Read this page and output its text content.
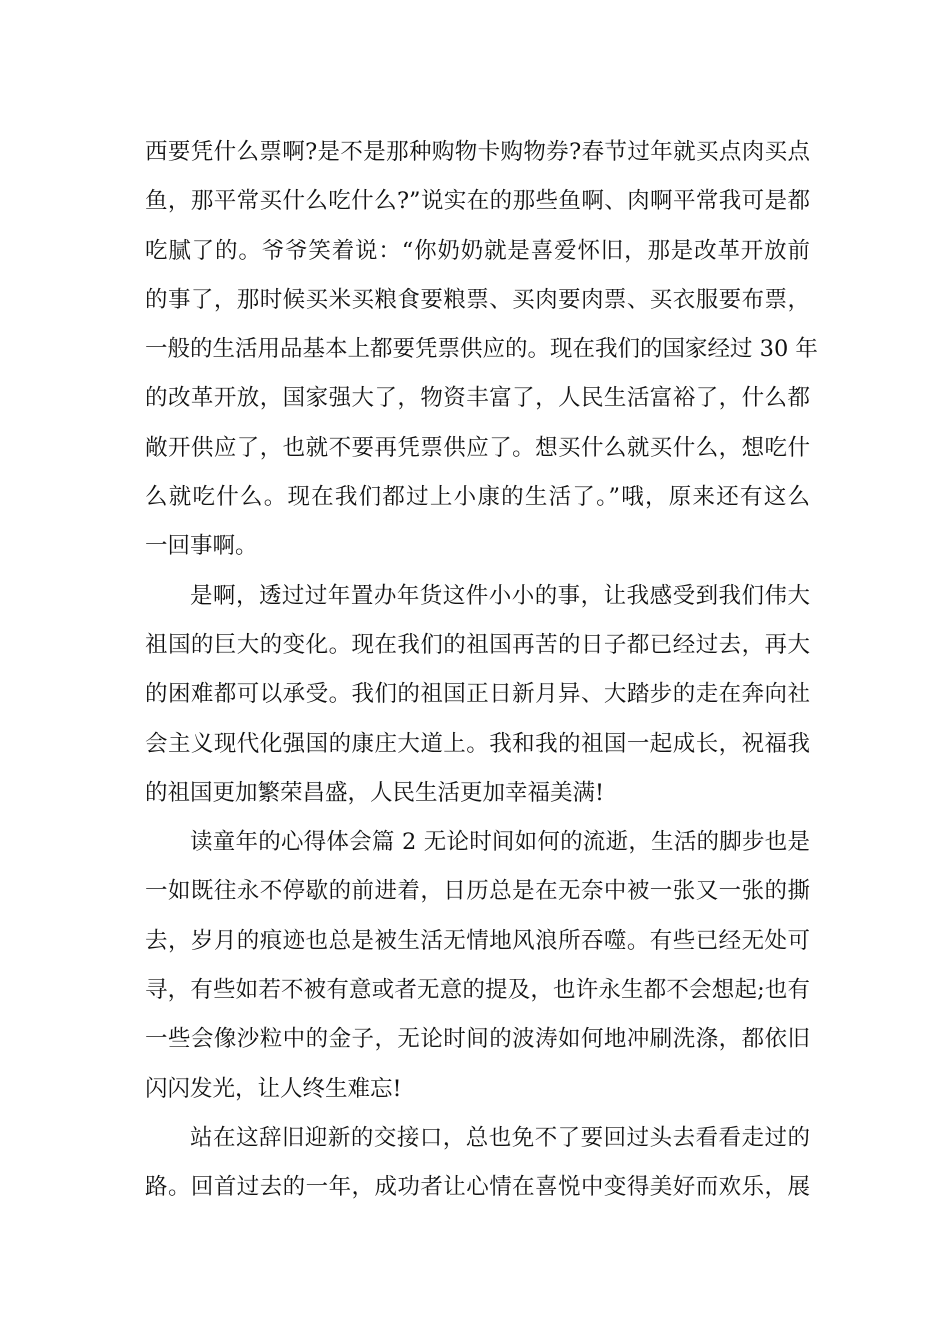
西要凭什么票啊?是不是那种购物卡购物券?春节过年就买点肉买点
鱼，那平常买什么吃什么?”说实在的那些鱼啊、肉啊平常我可是都
吃腻了的。爷爷笑着说：“你奶奶就是喜爱怀旧，那是改革开放前
的事了，那时候买米买粮食要粮票、买肉要肉票、买衣服要布票，
一般的生活用品基本上都要凭票供应的。现在我们的国家经过 30 年
的改革开放，国家强大了，物资丰富了，人民生活富裕了，什么都
敞开供应了，也就不要再凭票供应了。想买什么就买什么，想吃什
么就吃什么。现在我们都过上小康的生活了。”哦，原来还有这么
一回事啊。
是啊，透过过年置办年货这件小小的事，让我感受到我们伟大
祖国的巨大的变化。现在我们的祖国再苦的日子都已经过去，再大
的困难都可以承受。我们的祖国正日新月异、大踏步的走在奔向社
会主义现代化强国的康庄大道上。我和我的祖国一起成长，祝福我
的祖国更加繁荣昌盛，人民生活更加幸福美满!
读童年的心得体会篇 2 无论时间如何的流逝，生活的脚步也是
一如既往永不停歇的前进着，日历总是在无奈中被一张又一张的撕
去，岁月的痕迹也总是被生活无情地风浪所吞噬。有些已经无处可
寻，有些如若不被有意或者无意的提及，也许永生都不会想起;也有
一些会像沙粒中的金子，无论时间的波涛如何地冲刷洗涤，都依旧
闪闪发光，让人终生难忘!
站在这辞旧迎新的交接口，总也免不了要回过头去看看走过的
路。回首过去的一年，成功者让心情在喜悦中变得美好而欢乐，展
